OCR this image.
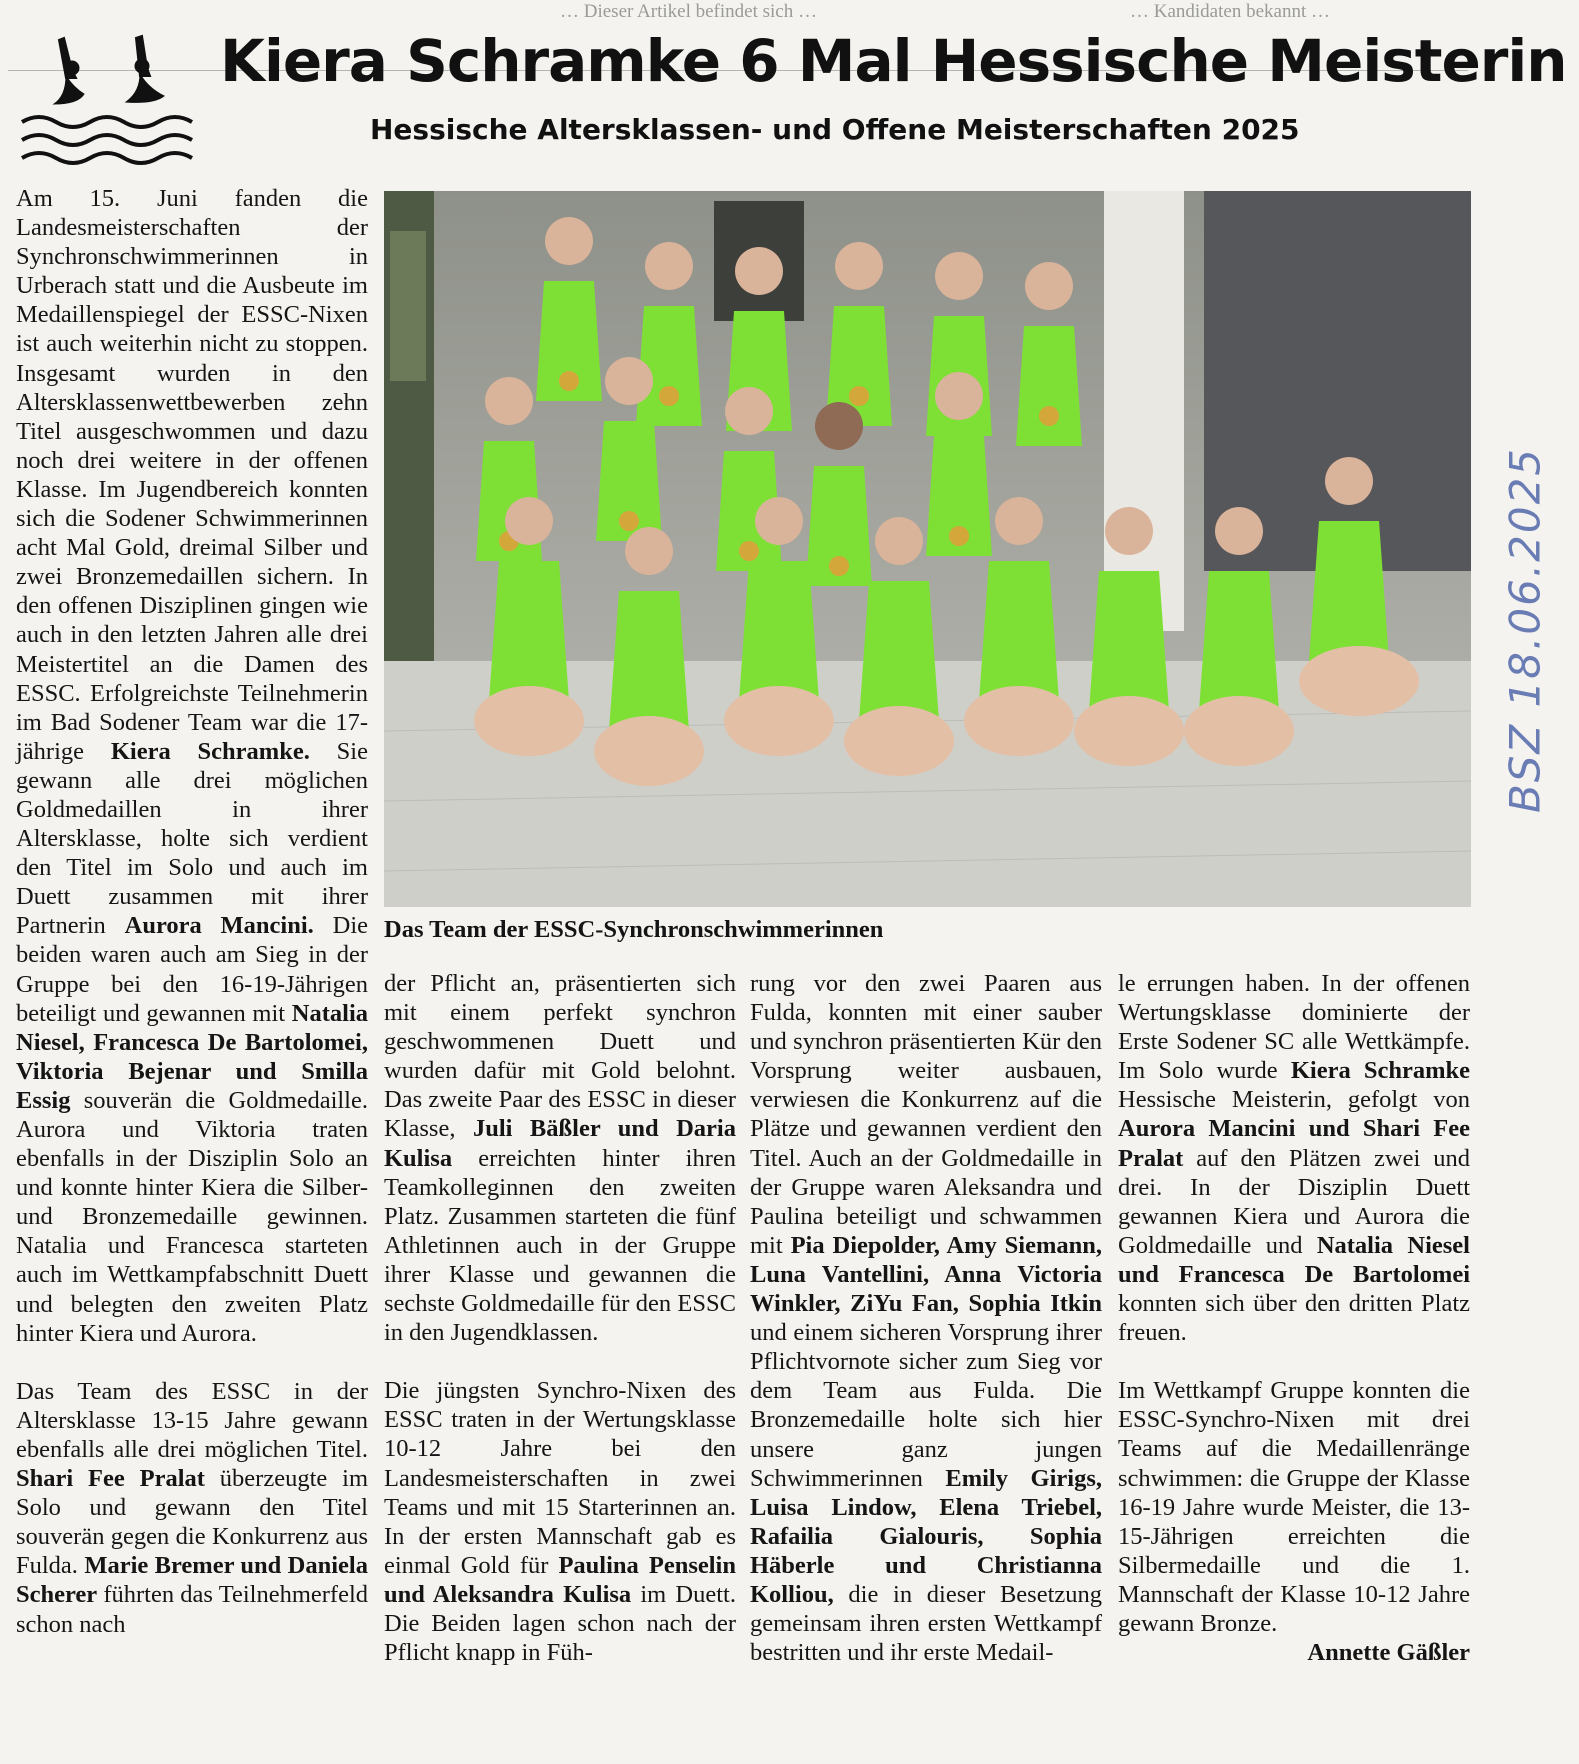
… Dieser Artikel befindet sich …	… Kandidaten bekannt …
Kiera Schramke 6 Mal Hessische Meisterin
Hessische Altersklassen- und Offene Meisterschaften 2025

Am 15. Juni fanden die Landesmeisterschaften der Synchronschwimmerinnen in Urberach statt und die Ausbeute im Medaillenspiegel der ESSC-Nixen ist auch weiterhin nicht zu stoppen. Insgesamt wurden in den Altersklassenwettbewerben zehn Titel ausgeschwommen und dazu noch drei weitere in der offenen Klasse. Im Jugendbereich konnten sich die Sodener Schwimmerinnen acht Mal Gold, dreimal Silber und zwei Bronzemedaillen sichern. In den offenen Disziplinen gingen wie auch in den letzten Jahren alle drei Meistertitel an die Damen des ESSC. Erfolgreichste Teilnehmerin im Bad Sodener Team war die 17-jährige Kiera Schramke. Sie gewann alle drei möglichen Goldmedaillen in ihrer Altersklasse, holte sich verdient den Titel im Solo und auch im Duett zusammen mit ihrer Partnerin Aurora Mancini. Die beiden waren auch am Sieg in der Gruppe bei den 16-19-Jährigen beteiligt und gewannen mit Natalia Niesel, Francesca De Bartolomei, Viktoria Bejenar und Smilla Essig souverän die Goldmedaille. Aurora und Viktoria traten ebenfalls in der Disziplin Solo an und konnte hinter Kiera die Silber- und Bronzemedaille gewinnen. Natalia und Francesca starteten auch im Wettkampfabschnitt Duett und belegten den zweiten Platz hinter Kiera und Aurora.

Das Team des ESSC in der Altersklasse 13-15 Jahre gewann ebenfalls alle drei möglichen Titel. Shari Fee Pralat überzeugte im Solo und gewann den Titel souverän gegen die Konkurrenz aus Fulda. Marie Bremer und Daniela Scherer führten das Teilnehmerfeld schon nach

Das Team der ESSC-Synchronschwimmerinnen
BSZ 18.06.2025

der Pflicht an, präsentierten sich mit einem perfekt synchron geschwommenen Duett und wurden dafür mit Gold belohnt. Das zweite Paar des ESSC in dieser Klasse, Juli Bäßler und Daria Kulisa erreichten hinter ihren Teamkolleginnen den zweiten Platz. Zusammen starteten die fünf Athletinnen auch in der Gruppe ihrer Klasse und gewannen die sechste Goldmedaille für den ESSC in den Jugendklassen.

Die jüngsten Synchro-Nixen des ESSC traten in der Wertungsklasse 10-12 Jahre bei den Landesmeisterschaften in zwei Teams und mit 15 Starterinnen an. In der ersten Mannschaft gab es einmal Gold für Paulina Penselin und Aleksandra Kulisa im Duett. Die Beiden lagen schon nach der Pflicht knapp in Füh-

rung vor den zwei Paaren aus Fulda, konnten mit einer sauber und synchron präsentierten Kür den Vorsprung weiter ausbauen, verwiesen die Konkurrenz auf die Plätze und gewannen verdient den Titel. Auch an der Goldmedaille in der Gruppe waren Aleksandra und Paulina beteiligt und schwammen mit Pia Diepolder, Amy Siemann, Luna Vantellini, Anna Victoria Winkler, ZiYu Fan, Sophia Itkin und einem sicheren Vorsprung ihrer Pflichtvornote sicher zum Sieg vor dem Team aus Fulda. Die Bronzemedaille holte sich hier unsere ganz jungen Schwimmerinnen Emily Girigs, Luisa Lindow, Elena Triebel, Rafailia Gialouris, Sophia Häberle und Christianna Kolliou, die in dieser Besetzung gemeinsam ihren ersten Wettkampf bestritten und ihr erste Medail-

le errungen haben. In der offenen Wertungsklasse dominierte der Erste Sodener SC alle Wettkämpfe. Im Solo wurde Kiera Schramke Hessische Meisterin, gefolgt von Aurora Mancini und Shari Fee Pralat auf den Plätzen zwei und drei. In der Disziplin Duett gewannen Kiera und Aurora die Goldmedaille und Natalia Niesel und Francesca De Bartolomei konnten sich über den dritten Platz freuen.

Im Wettkampf Gruppe konnten die ESSC-Synchro-Nixen mit drei Teams auf die Medaillenränge schwimmen: die Gruppe der Klasse 16-19 Jahre wurde Meister, die 13-15-Jährigen erreichten die Silbermedaille und die 1. Mannschaft der Klasse 10-12 Jahre gewann Bronze.

Annette Gäßler
